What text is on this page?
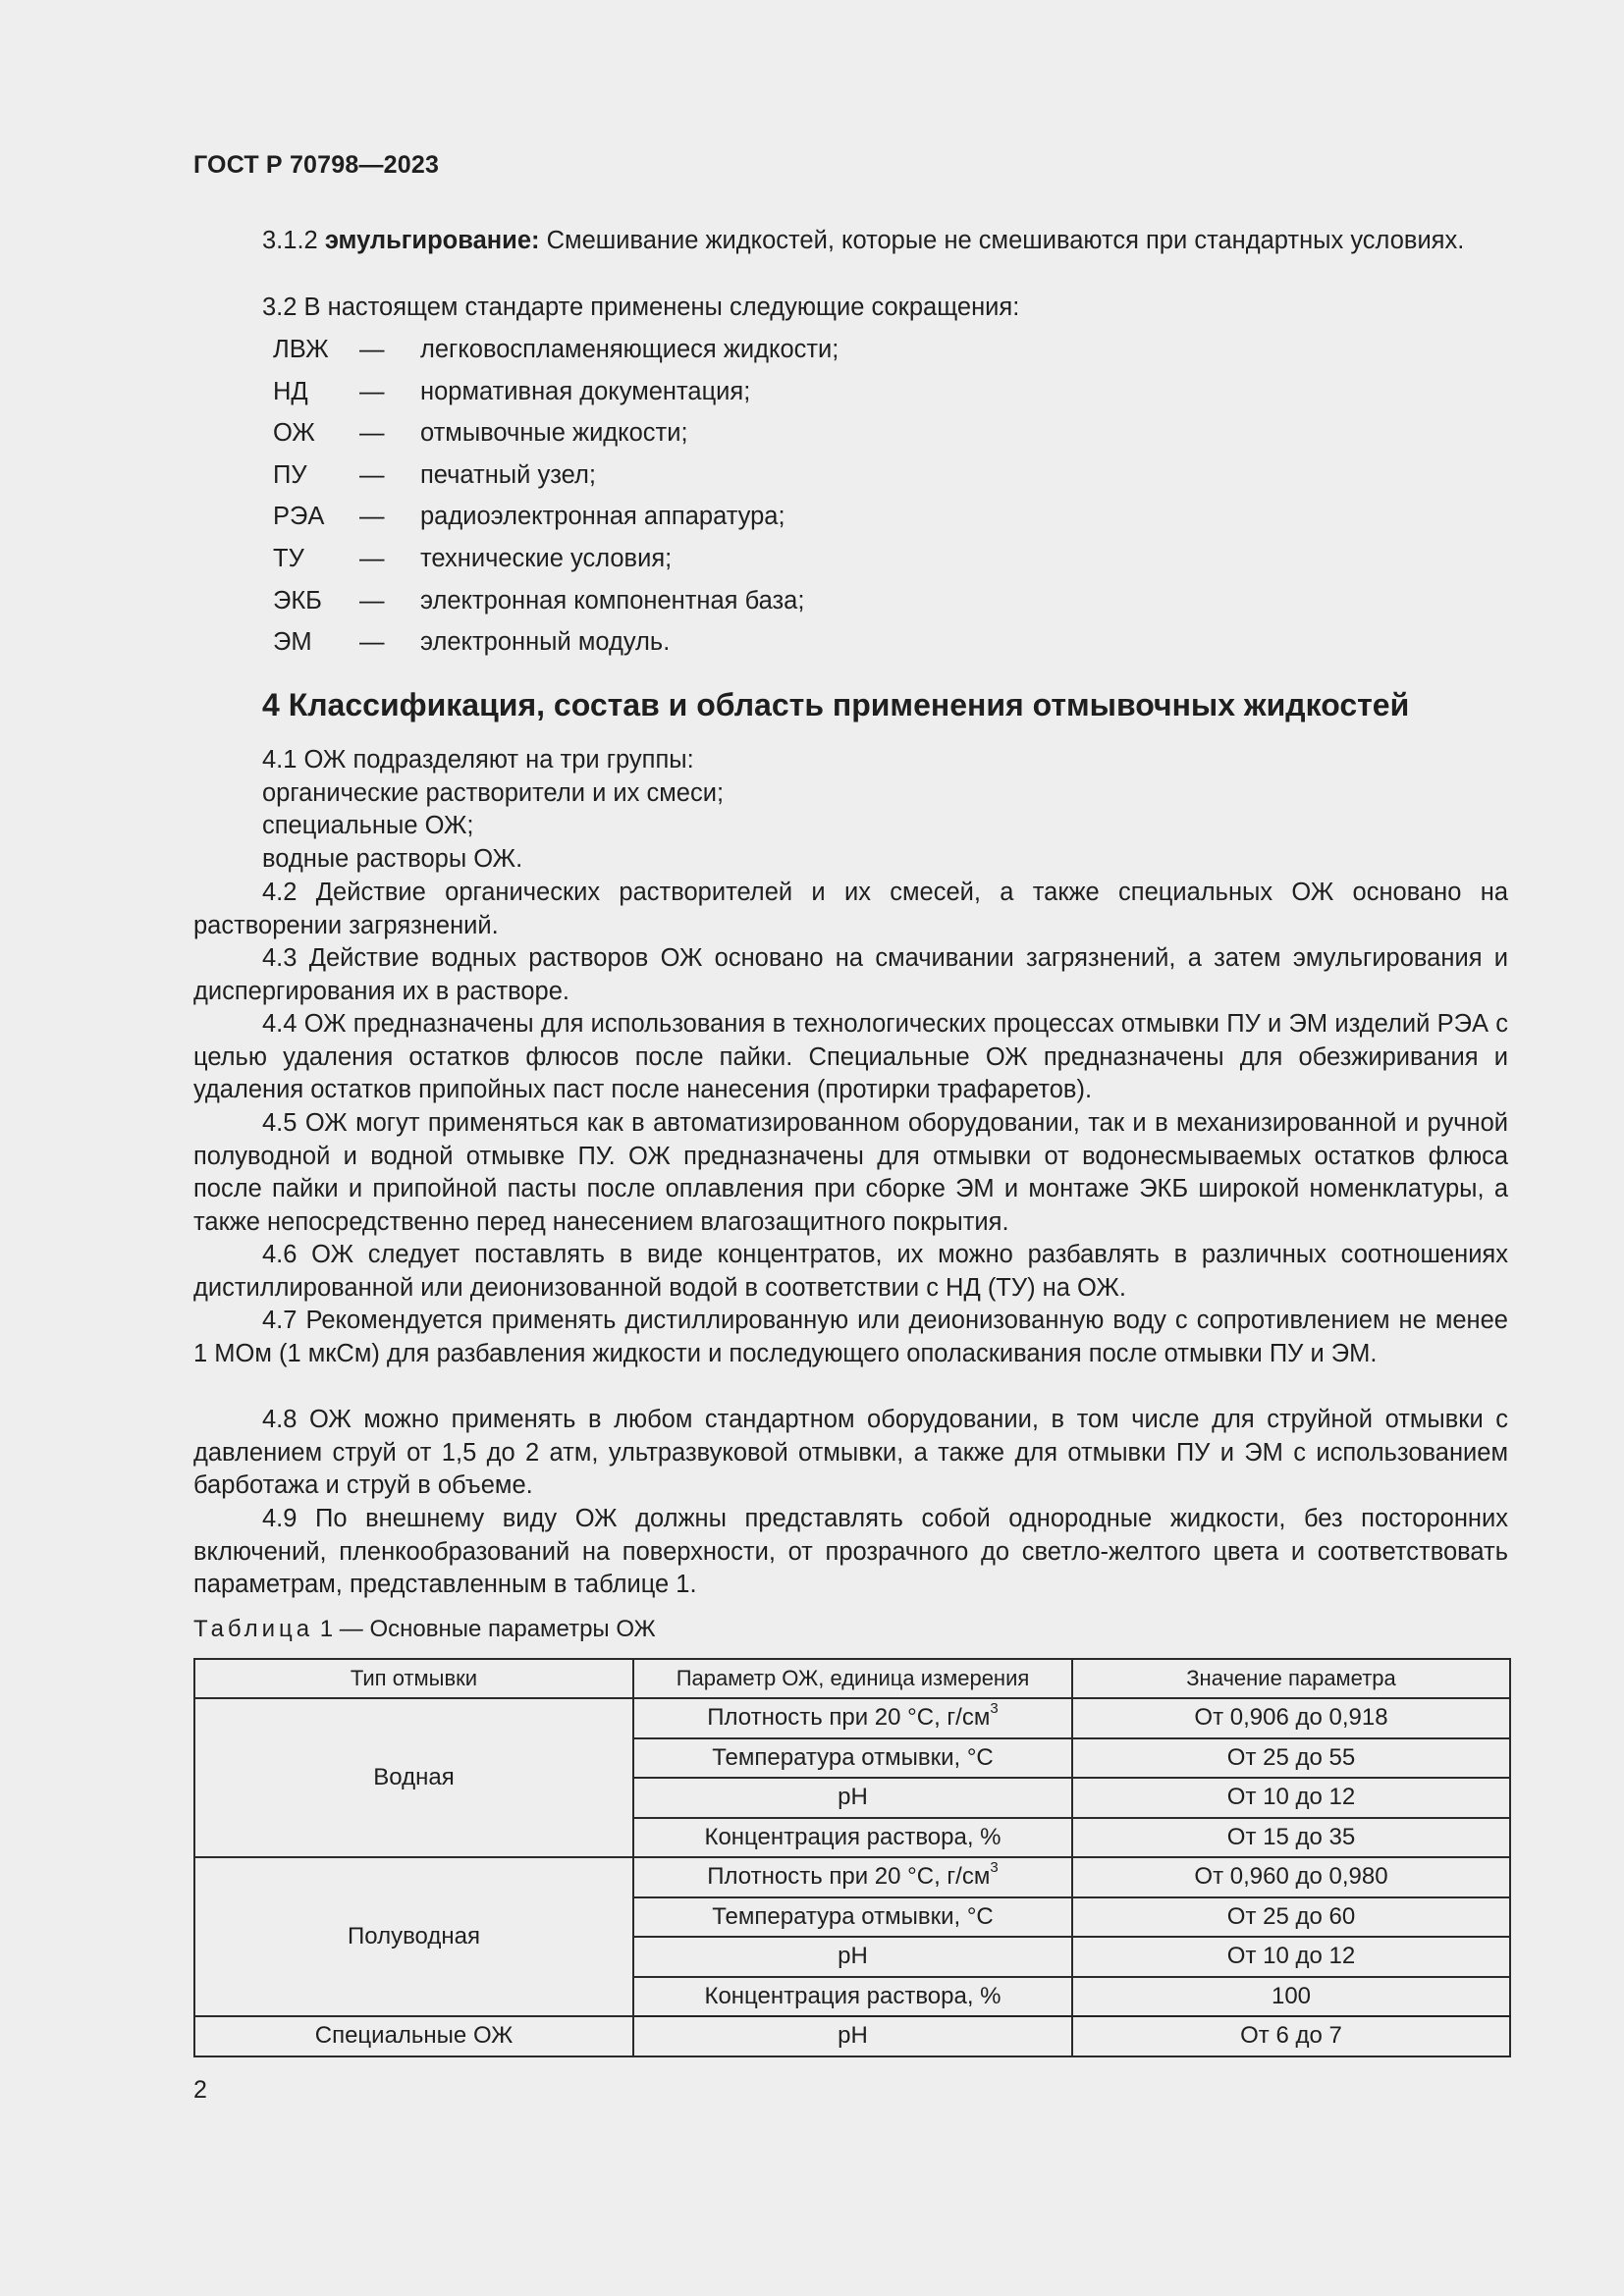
ГОСТ Р 70798—2023
3.1.2 эмульгирование: Смешивание жидкостей, которые не смешиваются при стандартных условиях.
3.2 В настоящем стандарте применены следующие сокращения:
ЛВЖ	—	легковоспламеняющиеся жидкости;
НД	—	нормативная документация;
ОЖ	—	отмывочные жидкости;
ПУ	—	печатный узел;
РЭА	—	радиоэлектронная аппаратура;
ТУ	—	технические условия;
ЭКБ	—	электронная компонентная база;
ЭМ	—	электронный модуль.
4 Классификация, состав и область применения отмывочных жидкостей
4.1 ОЖ подразделяют на три группы:
органические растворители и их смеси;
специальные ОЖ;
водные растворы ОЖ.
4.2 Действие органических растворителей и их смесей, а также специальных ОЖ основано на растворении загрязнений.
4.3 Действие водных растворов ОЖ основано на смачивании загрязнений, а затем эмульгирования и диспергирования их в растворе.
4.4 ОЖ предназначены для использования в технологических процессах отмывки ПУ и ЭМ изделий РЭА с целью удаления остатков флюсов после пайки. Специальные ОЖ предназначены для обезжиривания и удаления остатков припойных паст после нанесения (протирки трафаретов).
4.5 ОЖ могут применяться как в автоматизированном оборудовании, так и в механизированной и ручной полуводной и водной отмывке ПУ. ОЖ предназначены для отмывки от водонесмываемых остатков флюса после пайки и припойной пасты после оплавления при сборке ЭМ и монтаже ЭКБ широкой номенклатуры, а также непосредственно перед нанесением влагозащитного покрытия.
4.6 ОЖ следует поставлять в виде концентратов, их можно разбавлять в различных соотношениях дистиллированной или деионизованной водой в соответствии с НД (ТУ) на ОЖ.
4.7 Рекомендуется применять дистиллированную или деионизованную воду с сопротивлением не менее 1 МОм (1 мкСм) для разбавления жидкости и последующего ополаскивания после отмывки ПУ и ЭМ.
4.8 ОЖ можно применять в любом стандартном оборудовании, в том числе для струйной отмывки с давлением струй от 1,5 до 2 атм, ультразвуковой отмывки, а также для отмывки ПУ и ЭМ с использованием барботажа и струй в объеме.
4.9 По внешнему виду ОЖ должны представлять собой однородные жидкости, без посторонних включений, пленкообразований на поверхности, от прозрачного до светло-желтого цвета и соответствовать параметрам, представленным в таблице 1.
Таблица 1 — Основные параметры ОЖ
Тип отмывки	Параметр ОЖ, единица измерения	Значение параметра
Водная	Плотность при 20 °С, $г/см^3$	От 0,906 до 0,918
	Температура отмывки, °С	От 25 до 55
	pH	От 10 до 12
	Концентрация раствора, %	От 15 до 35
Полуводная	Плотность при 20 °С, $г/см^3$	От 0,960 до 0,980
	Температура отмывки, °С	От 25 до 60
	pH	От 10 до 12
	Концентрация раствора, %	100
Специальные ОЖ	pH	От 6 до 7
2
